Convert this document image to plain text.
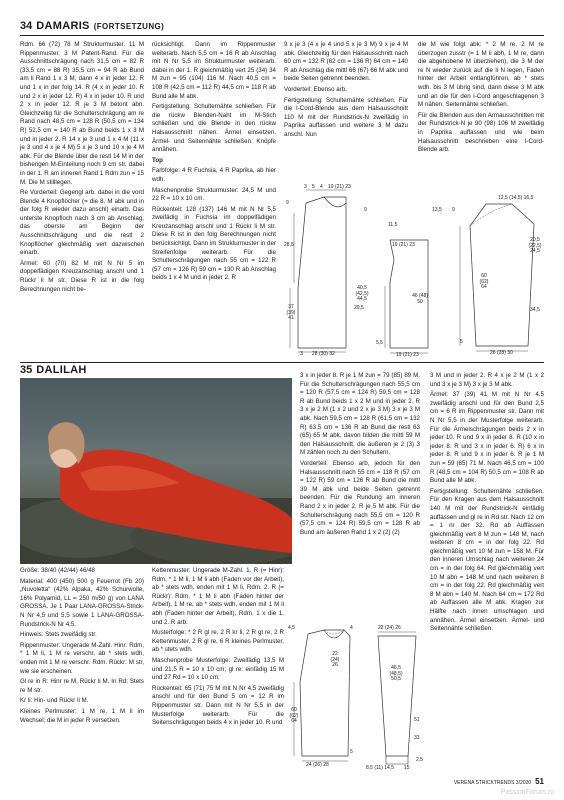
34 DAMARIS (FORTSETZUNG)

Rdm. 66 (72) 78 M Strukturmuster. 11 M Rippenmuster, 3 M Patent-Rand. Für die Ausschnittschrägung nach 31,5 cm = 82 R (33,5 cm = 88 R) 35,5 cm = 94 R ab Bund am li Rand 1 x 3 M, dann 4 x in jeder 12. R und 1 x in der folg 14. R (4 x in jeder 10. R und 2 x in jeder 12. R) 4 x in jeder 10. R und 2 x in jeder 12. R je 3 M betont abn. Gleichzeitig für die Schulterschrägung am re Rand nach 48,5 cm = 128 R (50,5 cm = 134 R) 52,5 cm = 140 R ab Bund beids 1 x 3 M und in jeder 2. R 14 x je 3 und 1 x 4 M (11 x je 3 und 4 x je 4 M) 5 x je 3 und 10 x je 4 M abk. Für die Blende über die restl 14 M in der bisherigen M-Einteilung noch 9 cm str, dabei in der 1. R am inneren Rand 1 Rdm zun = 15 M. Die M stilllegen.

Re Vorderteil: Gegengl arb. dabei in die vord Blende 4 Knopflöcher (= die 8. M abk und in der folg R wieder dazu anschl) einarb. Das unterste Knopfloch nach 3 cm ab Anschlag, das oberste am Beginn der Ausschnittschrägung und die restl 2 Knopflöcher gleichmäßig vert dazwischen einarb.

Ärmel: 60 (70) 82 M mit N Nr 5 im doppelfädigen Kreuzanschlag anschl und 1 Rückr li M str. Diese R ist in die folg Berechnungen nicht be-

rücksichtigt. Dann im Rippenmuster weiterarb. Nach 5,5 cm = 16 R ab Anschlag mit N Nr 5,5 im Strukturmuster weiterarb. dabei in der 1. R gleichmäßig vert 25 (34) 34 M zun = 95 (104) 116 M. Nach 40,5 cm = 108 R (42,5 cm = 112 R) 44,5 cm = 118 R ab Bund alle M abk.

Fertigstellung: Schulternähte schließen. Für die rückw Blenden-Naht im M-Stich schließen und die Blende in den rückw Halsausschnitt nähen. Ärmel einsetzen. Ärmel- und Seitennähte schließen. Knöpfe annähen.

Top

Farbfolge: 4 R Fuchsia, 4 R Paprika, ab hier wdh.

Maschenprobe Strukturmuster: 24,5 M und 22 R = 10 x 10 cm.

Rückenteil: 128 (137) 146 M mit N Nr 5,5 zweifädig in Fuchsia im doppelfädigen Kreuzanschlag anschl und 1 Rückr li M str. Diese R ist in den folg Berechnungen nicht berücksichtigt. Dann im Strukturmuster in der Streifenfolge weiterarb. Für die Schulterschrägungen nach 55 cm = 122 R (57 cm = 126 R) 59 cm = 130 R ab Anschlag beids 1 x 4 M und in jeder 2. R

9 x je 3 (4 x je 4 und 5 x je 3 M) 9 x je 4 M abk. Gleichzeitig für den Halsausschnitt nach 60 cm = 132 R (62 cm = 136 R) 64 cm = 140 R ab Anschlag die mittl 66 (67) 66 M abk und beide Seiten getrennt beenden.

Vorderteil: Ebenso arb.

Fertigstellung: Schulternähte schließen. Für die I-Cord-Blende aus dem Halsausschnitt 110 M mit der Rundstrick-N zweifädig in Paprika auffassen und weitere 3 M dazu anschl. Nun

die M wie folgt abk: * 2 M re, 2 M re überzogen zusstr (= 1 M li abh, 1 M re, dann die abgehobene M überziehen), die 3 M der re N wieder zurück auf die li N legen, Faden hinter der Arbeit entlangführen, ab * stets wdh. bis 3 M übrig sind, dann diese 3 M abk und an die für den I-Cord angeschlagenen 3 M nähen. Seitennähte schließen.

Für die Blenden aus den Armausschnitten mit der Rundstrick-N je 90 (98) 106 M zweifädig in Paprika auffassen und wie beim Halsausschnitt beschrieben eine I-Cord-Blende arb.

3 5 4
9
19 (21) 23
28,5
37 (39) 41
3 28 (30) 32
9
11,5
19 (21) 23
40,5 (42,5) 44,5
29,5
46 (48) 50
5,5
19 (21) 23
12,5 (14,5) 16,5
13,5 9
20,5 (22,5) 24,5
60 (62) 64
34,5
5
26 (28) 30
35 DALILAH

Größe: 38/40 (42/44) 46/48

Material: 400 (450) 500 g Feuerrot (Fb 20) „Nuvoletta“ (42% Alpaka, 42% Schurwolle, 16% Polyamid, LL = 250 m/50 g) von LANA GROSSA. Je 1 Paar LANA-GROSSA-Strick-N Nr 4,5 und 5,5 sowie 1 LANA-GROSSA-Rundstrick-N Nr 4,5.

Hinweis: Stets zweifädig str.

Rippenmuster: Ungerade M-Zahl. Hinr: Rdm, * 1 M li, 1 M re verschr, ab * stets wdh, enden mit 1 M re verschr. Rdm. Rückr: M str, wie sie erscheinen.

Gl re in R: Hinr re M, Rückr li M. In Rd: Stets re M str.

Kr li: Hin- und Rückr li M.

Kleines Perlmuster: 1 M re, 1 M li im Wechsel; die M in jeder R versetzen.

Kettenmuster: Ungerade M-Zahl. 1. R (= Hinr): Rdm, * 1 M li, 1 M li abh (Faden vor der Arbeit), ab * stets wdh, enden mit 1 M li, Rdm. 2. R (= Rückr): Rdm, * 1 M li abh (Faden hinter der Arbeit), 1 M re, ab * stets wdh, enden mit 1 M li abh (Faden hinter der Arbeit), Rdm. 1 x die 1. und 2. R arb.

Musterfolge: * 2 R gl re, 2 R kr li, 2 R gl re, 2 R Kettenmuster, 2 R gl re, 6 R kleines Perlmuster, ab * stets wdh.

Maschenprobe Musterfolge: Zweifädig 13,5 M und 21,5 R = 10 x 10 cm; gl re: einfädig 15 M und 27 Rd = 10 x 10 cm.

Rückenteil: 65 (71) 75 M mit N Nr 4,5 zweifädig anschl und für den Bund 5 cm = 12 R im Rippenmuster str. Dann mit N Nr 5,5 in der Musterfolge weiterarb. Für die Seitenschrägungen beids 4 x in jeder 10. R und

3 x in jeder 8. R je 1 M zun = 79 (85) 89 M. Für die Schulterschrägungen nach 55,5 cm = 120 R (57,5 cm = 124 R) 59,5 cm = 128 R ab Bund beids 1 x 2 M und in jeder 2. R 3 x je 2 M (1 x 2 und 2 x je 3 M) 3 x je 3 M abk. Nach 59,5 cm = 128 R (61,5 cm = 132 R) 63,5 cm = 136 R ab Bund die restl 63 (65) 65 M abk, davon bilden die mittl 59 M den Halsausschnitt, die äußeren je 2 (3) 3 M zählen noch zu den Schultern.

Vorderteil: Ebenso arb, jedoch für den Halsausschnitt nach 55 cm = 118 R (57 cm = 122 R) 59 cm = 126 R ab Bund die mittl 39 M abk und beide Seiten getrennt beenden. Für die Rundung am inneren Rand 2 x in jeder 2. R je 5 M abk. Für die Schulterschrägung nach 55,5 cm = 120 R (57,5 cm = 124 R) 59,5 cm = 128 R ab Bund am äußeren Rand 1 x 2 (2) (2)

3 M und in jeder 2. R 4 x je 2 M (1 x 2 und 3 x je 3 M) 3 x je 3 M abk.

Ärmel: 37 (39) 41 M mit N Nr 4,5 zweifädig anschl und für den Bund 2,5 cm = 6 R im Rippenmuster str. Dann mit N Nr 5,5 in der Musterfolge weiterarb. Für die Ärmelschrägungen beids 2 x in jeder 10. R und 9 x in jeder 8. R (10 x in jeder 8. R und 3 x in jeder 6. R) 6 x in jeder 8. R und 9 x in jeder 6. R je 1 M zun = 59 (65) 71 M. Nach 46,5 cm = 100 R (48,5 cm = 104 R) 50,5 cm = 108 R ab Bund alle M abk.

Fertigstellung: Schulternähte schließen. Für den Kragen aus dem Halsausschnitt 140 M mit der Rundstrick-N einfädig auffassen und gl re in Rd str. Nach 12 cm = 1 nr der 32. Rd ab Auffassen gleichmäßig vert 8 M zun = 148 M, nach weiteren 8 cm = in der folg 22. Rd gleichmäßig vert 10 M zun = 158 M. Für den inneren Umschlag nach weiteren 24 cm = in der folg 64. Rd gleichmäßig vert 10 M abn = 148 M und nach weiteren 8 cm = in der folg 22. Rd gleichmäßig vert 8 M abn = 140 M. Nach 64 cm = 172 Rd ab Auffassen alle M abk. Kragen zur Hälfte nach innen umschlagen und annähen. Ärmel einsetzen. Ärmel- und Seitennähte schließen.

4,5	4
60 (62) 64
22 (24) 26
24 (26) 28
5
22 (24) 26
46,5 (48,5) 50,5
51
33
8,5 (11) 14,5 15
2,5
VERENA STRICKTRENDS 3/2020 51
PassionForum.ru
